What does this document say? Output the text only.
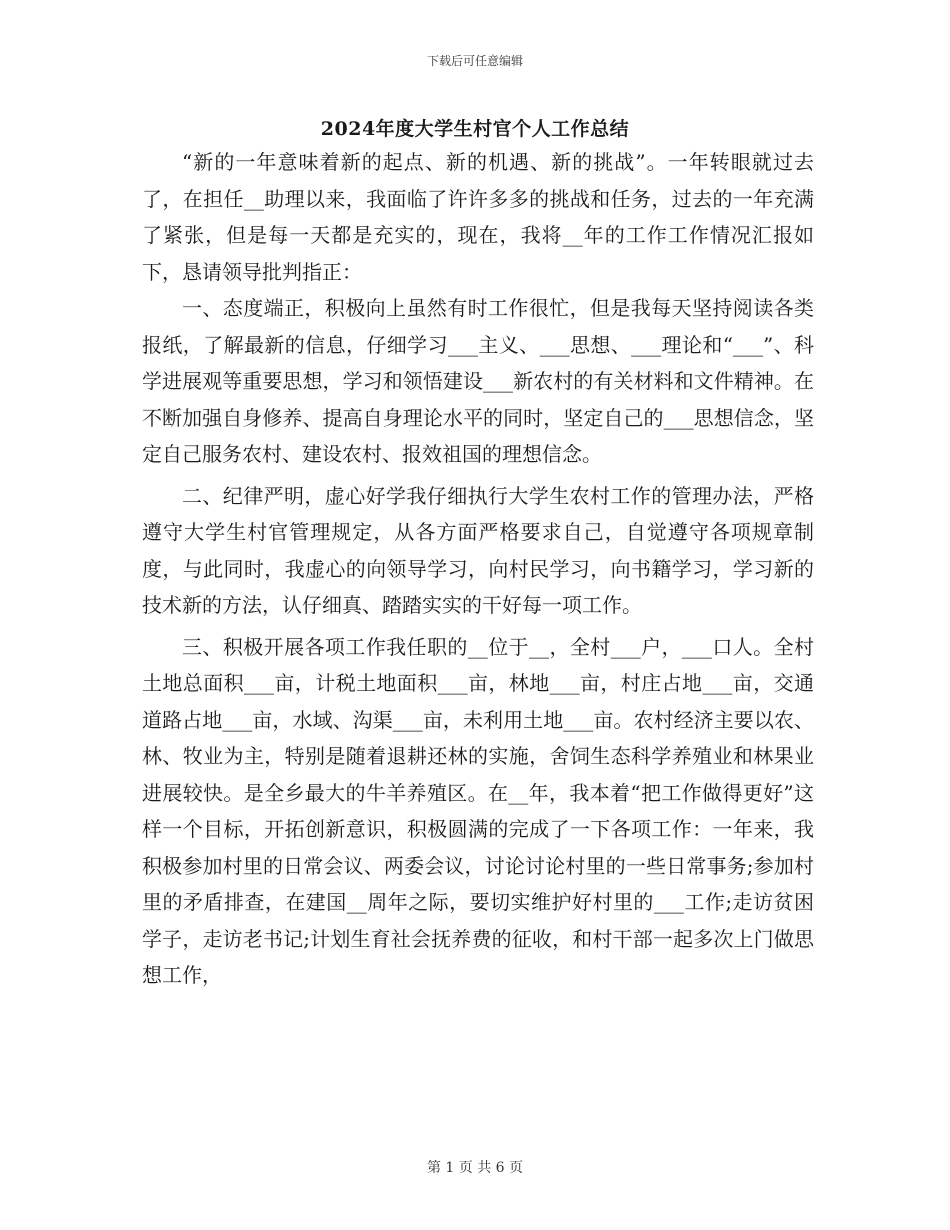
下载后可任意编辑
2024年度大学生村官个人工作总结

“新的一年意味着新的起点、新的机遇、新的挑战”。一年转眼就过去了，在担任__助理以来，我面临了许许多多的挑战和任务，过去的一年充满了紧张，但是每一天都是充实的，现在，我将__年的工作工作情况汇报如下，恳请领导批判指正：

一、态度端正，积极向上虽然有时工作很忙，但是我每天坚持阅读各类报纸，了解最新的信息，仔细学习___主义、___思想、___理论和“___”、科学进展观等重要思想，学习和领悟建设___新农村的有关材料和文件精神。在不断加强自身修养、提高自身理论水平的同时，坚定自己的___思想信念，坚定自己服务农村、建设农村、报效祖国的理想信念。

二、纪律严明，虚心好学我仔细执行大学生农村工作的管理办法，严格遵守大学生村官管理规定，从各方面严格要求自己，自觉遵守各项规章制度，与此同时，我虚心的向领导学习，向村民学习，向书籍学习，学习新的技术新的方法，认仔细真、踏踏实实的干好每一项工作。

三、积极开展各项工作我任职的__位于__，全村___户，___口人。全村土地总面积___亩，计税土地面积___亩，林地___亩，村庄占地___亩，交通道路占地___亩，水域、沟渠___亩，未利用土地___亩。农村经济主要以农、林、牧业为主，特别是随着退耕还林的实施，舍饲生态科学养殖业和林果业进展较快。是全乡最大的牛羊养殖区。在__年，我本着“把工作做得更好”这样一个目标，开拓创新意识，积极圆满的完成了一下各项工作：一年来，我积极参加村里的日常会议、两委会议，讨论讨论村里的一些日常事务;参加村里的矛盾排查，在建国__周年之际，要切实维护好村里的___工作;走访贫困学子，走访老书记;计划生育社会抚养费的征收，和村干部一起多次上门做思想工作，

第 1 页 共 6 页
